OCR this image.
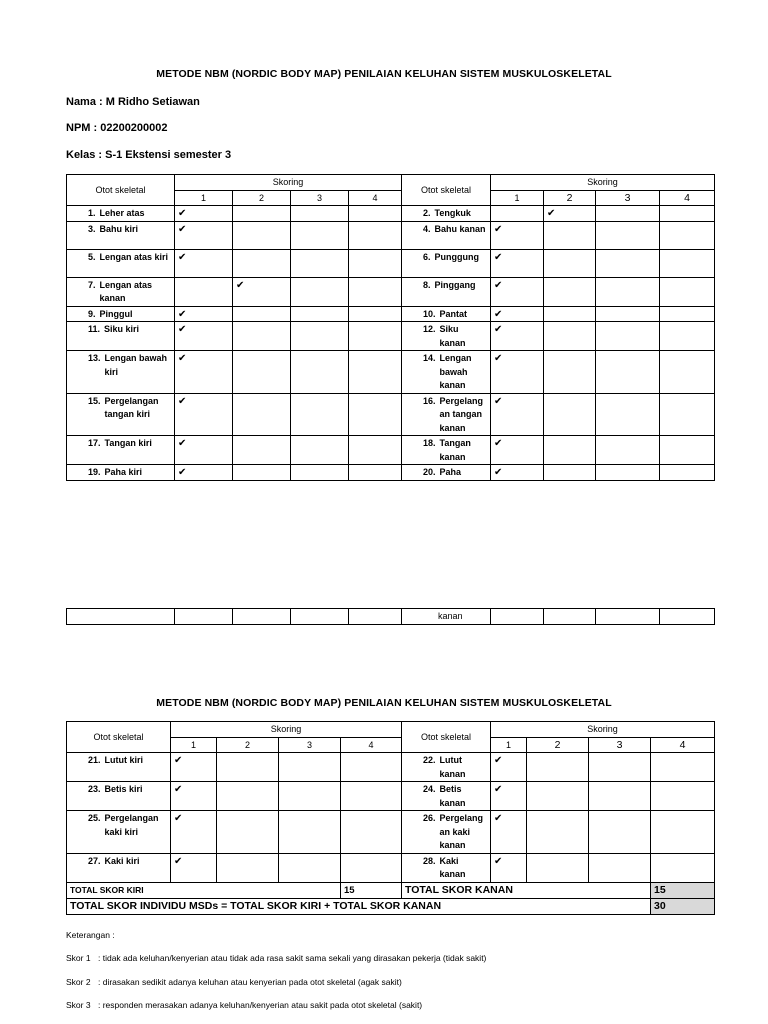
METODE NBM (NORDIC BODY MAP) PENILAIAN KELUHAN SISTEM MUSKULOSKELETAL
Nama : M Ridho Setiawan
NPM : 02200200002
Kelas : S-1 Ekstensi semester 3
Otot skeletal	Skoring				Otot skeletal	Skoring			
	1	2	3	4		1	2	3	4

1. Leher atas	✔				2. Tengkuk		✔		

3. Bahu kiri	✔				4. Bahu kanan	✔			

5. Lengan atas kiri	✔				6. Punggung	✔			

7. Lengan atas kanan		✔			8. Pinggang	✔			

9. Pinggul	✔				10. Pantat	✔			

11. Siku kiri	✔				12. Siku kanan	✔			

13. Lengan bawah kiri	✔				14. Lengan bawah kanan	✔			

15. Pergelangan tangan kiri	✔				16. Pergelang an tangan kanan	✔			

17. Tangan kiri	✔				18. Tangan kanan	✔			

19. Paha kiri	✔				20. Paha	✔			
					kanan				
METODE NBM (NORDIC BODY MAP) PENILAIAN KELUHAN SISTEM MUSKULOSKELETAL
Otot skeletal	Skoring				Otot skeletal	Skoring			
	1	2	3	4		1	2	3	4

21. Lutut kiri	✔				22. Lutut kanan	✔			

23. Betis kiri	✔				24. Betis kanan	✔			

25. Pergelangan kaki kiri	✔				26. Pergelang an kaki kanan	✔			

27. Kaki kiri	✔				28. Kaki kanan	✔			
TOTAL SKOR KIRI				15	TOTAL SKOR KANAN				15
TOTAL SKOR INDIVIDU MSDs = TOTAL SKOR KIRI + TOTAL SKOR KANAN									30
Keterangan :
Skor 1 : tidak ada keluhan/kenyerian atau tidak ada rasa sakit sama sekali yang dirasakan pekerja (tidak sakit)
Skor 2 : dirasakan sedikit adanya keluhan atau kenyerian pada otot skeletal (agak sakit)
Skor 3 : responden merasakan adanya keluhan/kenyerian atau sakit pada otot skeletal (sakit)
